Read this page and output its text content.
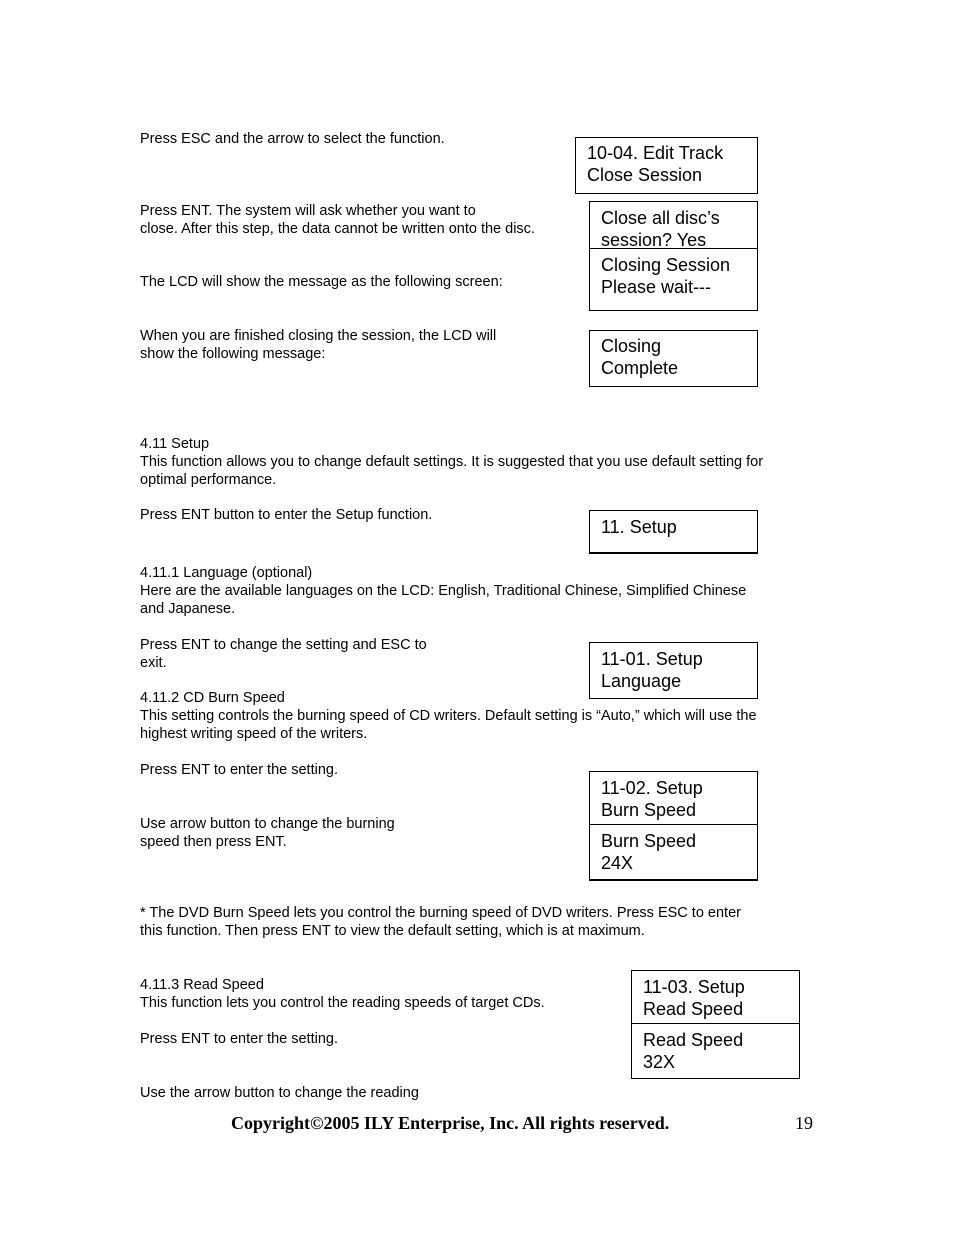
Press ESC and the arrow to select the function.

10-04. Edit Track
Close Session

Press ENT. The system will ask whether you want to
close. After this step, the data cannot be written onto the disc.

Close all disc’s
session? Yes
Closing Session
Please wait---

The LCD will show the message as the following screen:

When you are finished closing the session, the LCD will
show the following message:	Closing
Complete

4.11 Setup
This function allows you to change default settings. It is suggested that you use default setting for
optimal performance.

Press ENT button to enter the Setup function.

11. Setup

4.11.1 Language (optional)
Here are the available languages on the LCD: English, Traditional Chinese, Simplified Chinese
and Japanese.

Press ENT to change the setting and ESC to
exit.	11-01. Setup
Language

4.11.2 CD Burn Speed
This setting controls the burning speed of CD writers. Default setting is “Auto,” which will use the
highest writing speed of the writers.

Press ENT to enter the setting.

11-02. Setup
Burn Speed
Burn Speed
24X

Use arrow button to change the burning
speed then press ENT.

* The DVD Burn Speed lets you control the burning speed of DVD writers. Press ESC to enter
this function. Then press ENT to view the default setting, which is at maximum.

4.11.3 Read Speed
This function lets you control the reading speeds of target CDs.

Press ENT to enter the setting.

11-03. Setup
Read Speed
Read Speed
32X

Use the arrow button to change the reading

Copyright©2005 ILY Enterprise, Inc. All rights reserved.	19
